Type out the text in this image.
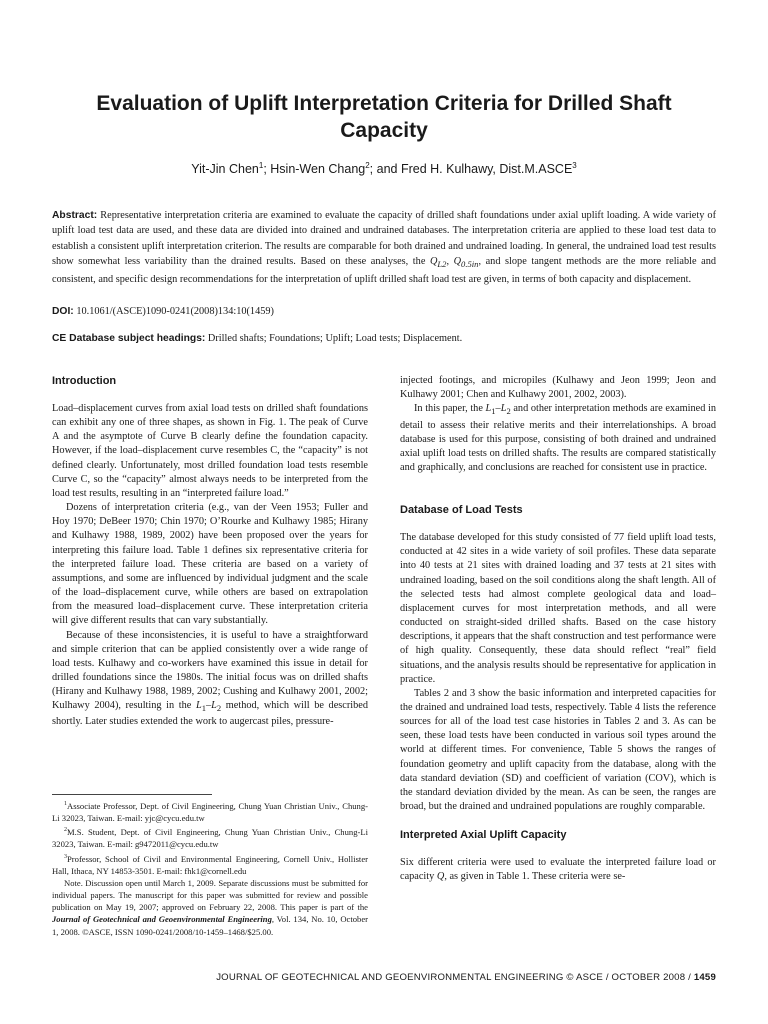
Evaluation of Uplift Interpretation Criteria for Drilled Shaft Capacity
Yit-Jin Chen$^1$; Hsin-Wen Chang$^2$; and Fred H. Kulhawy, Dist.M.ASCE$^3$

Abstract: Representative interpretation criteria are examined to evaluate the capacity of drilled shaft foundations under axial uplift loading. A wide variety of uplift load test data are used, and these data are divided into drained and undrained databases. The interpretation criteria are applied to these load test data to establish a consistent uplift interpretation criterion. The results are comparable for both drained and undrained loading. In general, the undrained load test results show somewhat less variability than the drained results. Based on these analyses, the $Q_{L2}$, $Q_{0.5in}$, and slope tangent methods are the more reliable and consistent, and specific design recommendations for the interpretation of uplift drilled shaft load test are given, in terms of both capacity and displacement.

DOI: 10.1061/(ASCE)1090-0241(2008)134:10(1459)

CE Database subject headings: Drilled shafts; Foundations; Uplift; Load tests; Displacement.

Introduction

Load–displacement curves from axial load tests on drilled shaft foundations can exhibit any one of three shapes, as shown in Fig. 1. The peak of Curve A and the asymptote of Curve B clearly define the foundation capacity. However, if the load–displacement curve resembles C, the “capacity” is not defined clearly. Unfortunately, most drilled foundation load tests resemble Curve C, so the “capacity” almost always needs to be interpreted from the load test results, resulting in an “interpreted failure load.”

Dozens of interpretation criteria (e.g., van der Veen 1953; Fuller and Hoy 1970; DeBeer 1970; Chin 1970; O’Rourke and Kulhawy 1985; Hirany and Kulhawy 1988, 1989, 2002) have been proposed over the years for interpreting this failure load. Table 1 defines six representative criteria for the interpreted failure load. These criteria are based on a variety of assumptions, and some are influenced by individual judgment and the scale of the load–displacement curve, while others are based on extrapolation from the measured load–displacement curve. These interpretation criteria will give different results that can vary substantially.

Because of these inconsistencies, it is useful to have a straightforward and simple criterion that can be applied consistently over a wide range of load tests. Kulhawy and co-workers have examined this issue in detail for drilled foundations since the 1980s. The initial focus was on drilled shafts (Hirany and Kulhawy 1988, 1989, 2002; Cushing and Kulhawy 2001, 2002; Kulhawy 2004), resulting in the $L_1-L_2$ method, which will be described shortly. Later studies extended the work to augercast piles, pressure-

$^1$Associate Professor, Dept. of Civil Engineering, Chung Yuan Christian Univ., Chung-Li 32023, Taiwan. E-mail: yjc@cycu.edu.tw

$^2$M.S. Student, Dept. of Civil Engineering, Chung Yuan Christian Univ., Chung-Li 32023, Taiwan. E-mail: g9472011@cycu.edu.tw

$^3$Professor, School of Civil and Environmental Engineering, Cornell Univ., Hollister Hall, Ithaca, NY 14853-3501. E-mail: fhk1@cornell.edu

Note. Discussion open until March 1, 2009. Separate discussions must be submitted for individual papers. The manuscript for this paper was submitted for review and possible publication on May 19, 2007; approved on February 22, 2008. This paper is part of the Journal of Geotechnical and Geoenvironmental Engineering, Vol. 134, No. 10, October 1, 2008. ©ASCE, ISSN 1090-0241/2008/10-1459–1468/$25.00.

injected footings, and micropiles (Kulhawy and Jeon 1999; Jeon and Kulhawy 2001; Chen and Kulhawy 2001, 2002, 2003).

In this paper, the $L_1-L_2$ and other interpretation methods are examined in detail to assess their relative merits and their interrelationships. A broad database is used for this purpose, consisting of both drained and undrained axial uplift load tests on drilled shafts. The results are compared statistically and graphically, and conclusions are reached for consistent use in practice.

Database of Load Tests

The database developed for this study consisted of 77 field uplift load tests, conducted at 42 sites in a wide variety of soil profiles. These data separate into 40 tests at 21 sites with drained loading and 37 tests at 21 sites with undrained loading, based on the soil conditions along the shaft length. All of the selected tests had almost complete geological data and load–displacement curves for most interpretation methods, and all were conducted on straight-sided drilled shafts. Based on the case history descriptions, it appears that the shaft construction and test performance were of high quality. Consequently, these data should reflect “real” field situations, and the analysis results should be representative for application in practice.

Tables 2 and 3 show the basic information and interpreted capacities for the drained and undrained load tests, respectively. Table 4 lists the reference sources for all of the load test case histories in Tables 2 and 3. As can be seen, these load tests have been conducted in various soil types around the world at different times. For convenience, Table 5 shows the ranges of foundation geometry and uplift capacity from the database, along with the data standard deviation (SD) and coefficient of variation (COV), which is the standard deviation divided by the mean. As can be seen, the ranges are broad, but the drained and undrained populations are roughly comparable.

Interpreted Axial Uplift Capacity

Six different criteria were used to evaluate the interpreted failure load or capacity Q, as given in Table 1. These criteria were se-

JOURNAL OF GEOTECHNICAL AND GEOENVIRONMENTAL ENGINEERING © ASCE / OCTOBER 2008 / 1459
